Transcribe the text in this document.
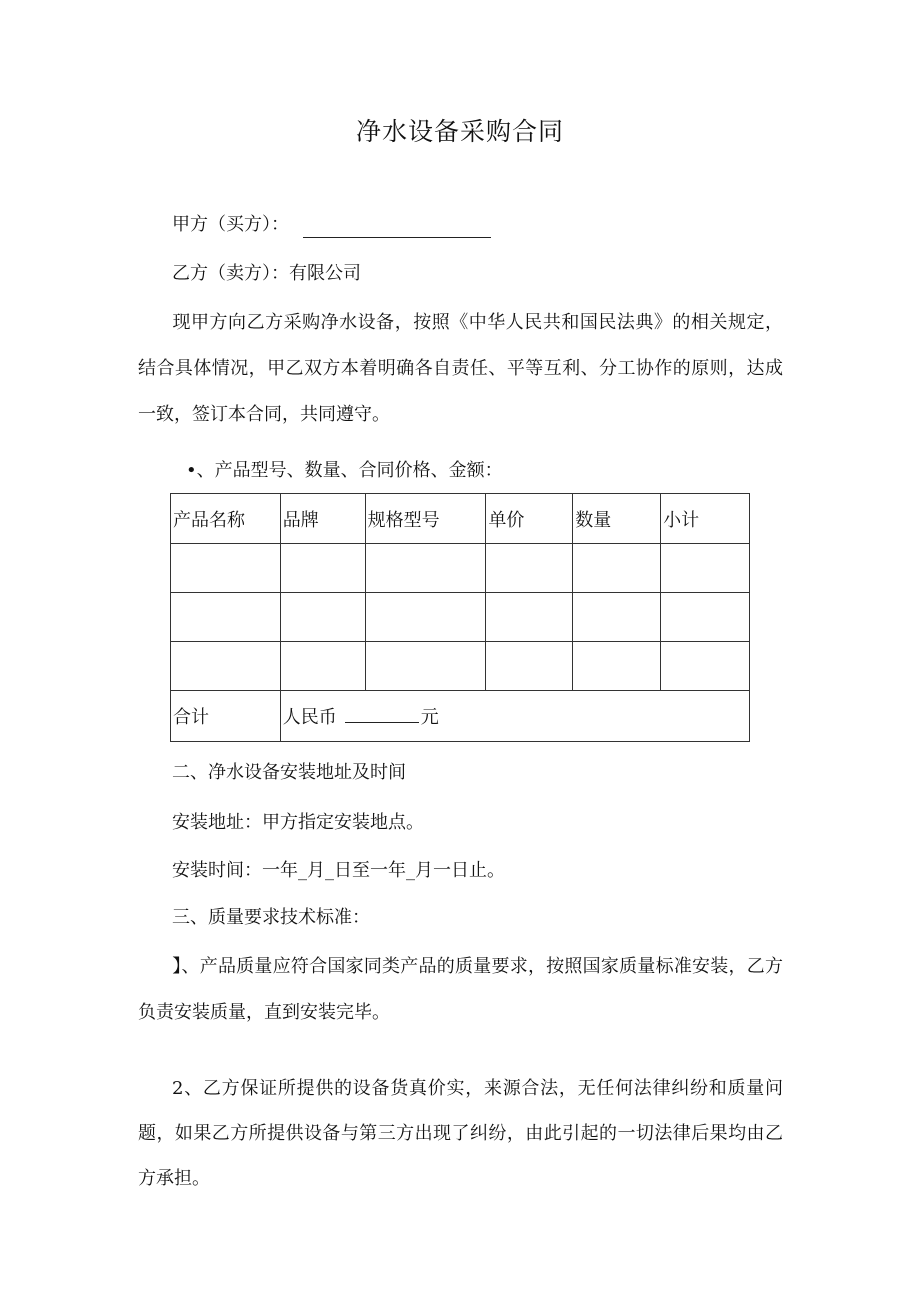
净水设备采购合同
甲方（买方）：
乙方（卖方）：有限公司
现甲方向乙方采购净水设备，按照《中华人民共和国民法典》的相关规定，结合具体情况，甲乙双方本着明确各自责任、平等互利、分工协作的原则，达成一致，签订本合同，共同遵守。
•、产品型号、数量、合同价格、金额：
产品名称	品牌	规格型号	单价	数量	小计

合计	人民币 元				
二、净水设备安装地址及时间
安装地址：甲方指定安装地点。
安装时间：一年_月_日至一年_月一日止。
三、质量要求技术标准：
】、产品质量应符合国家同类产品的质量要求，按照国家质量标准安装，乙方负责安装质量，直到安装完毕。
2、乙方保证所提供的设备货真价实，来源合法，无任何法律纠纷和质量问题，如果乙方所提供设备与第三方出现了纠纷，由此引起的一切法律后果均由乙方承担。
